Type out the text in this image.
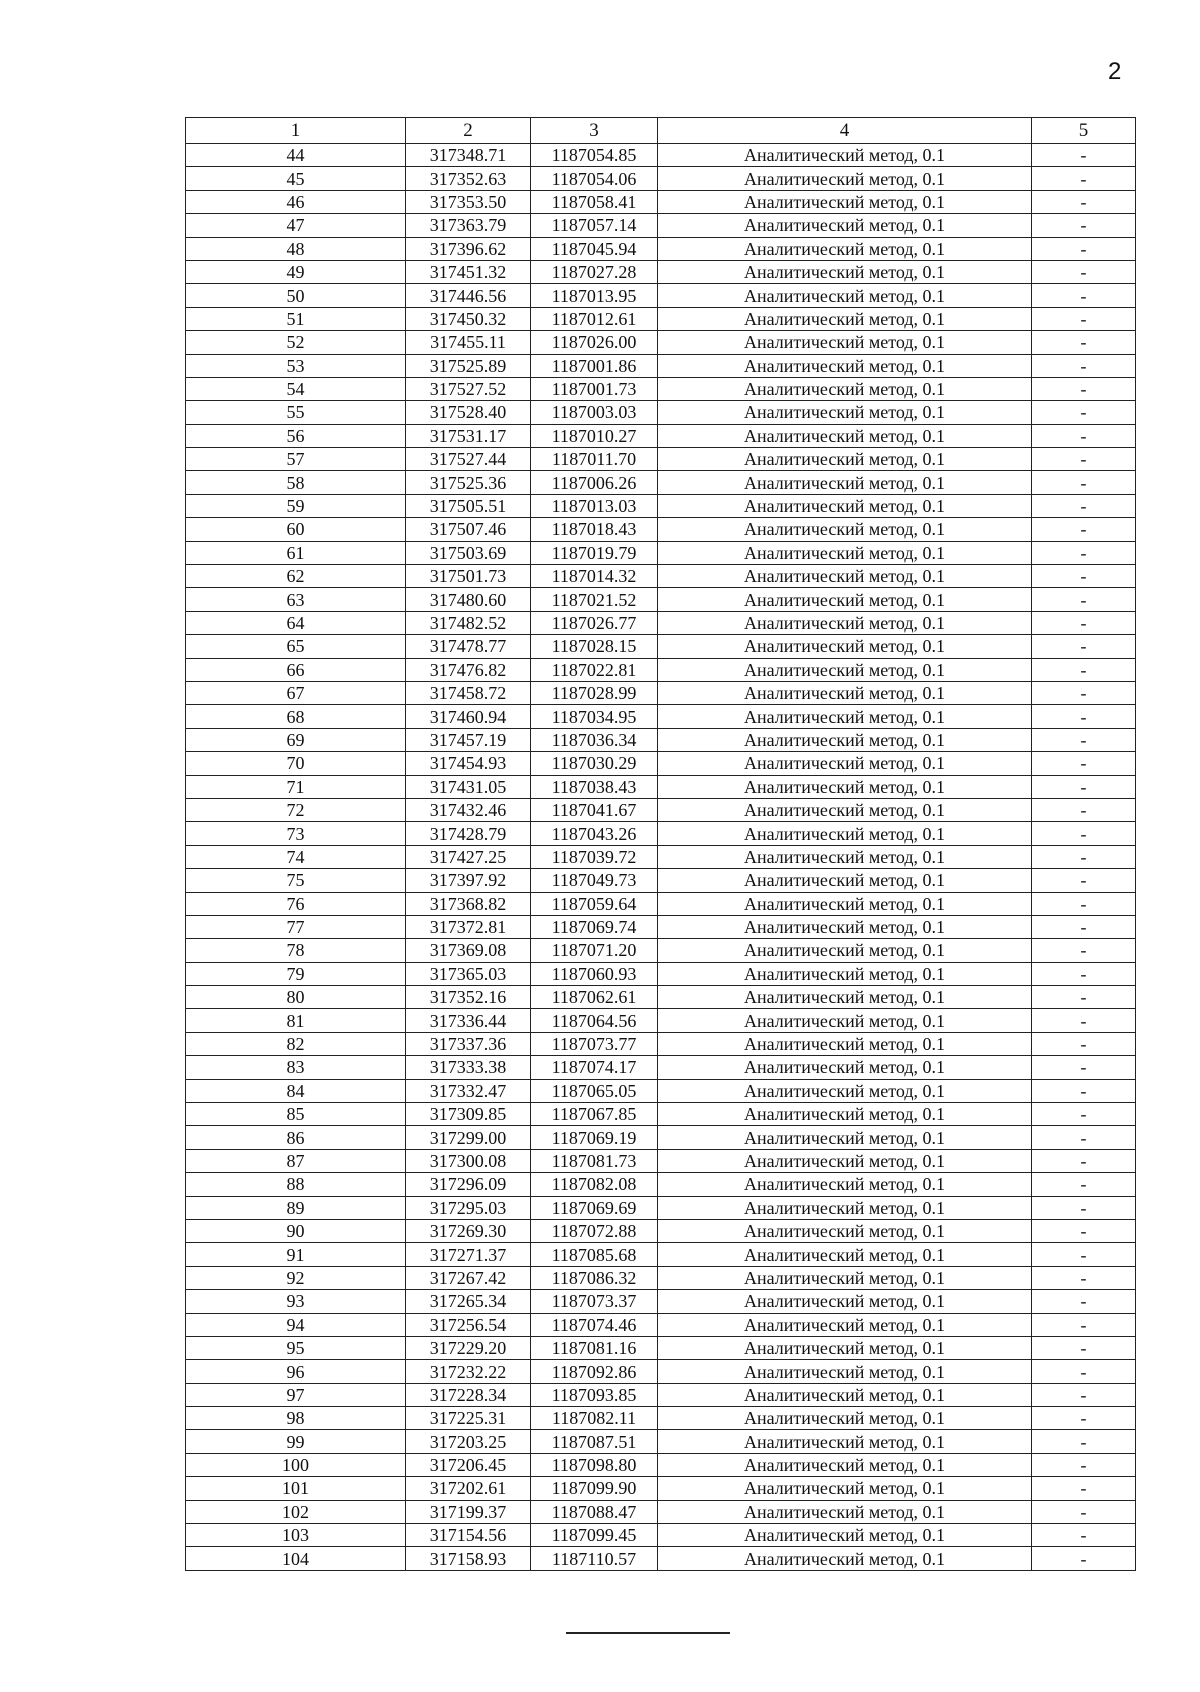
2
1	2	3	4	5
44	317348.71	1187054.85	Аналитический метод, 0.1	-
45	317352.63	1187054.06	Аналитический метод, 0.1	-
46	317353.50	1187058.41	Аналитический метод, 0.1	-
47	317363.79	1187057.14	Аналитический метод, 0.1	-
48	317396.62	1187045.94	Аналитический метод, 0.1	-
49	317451.32	1187027.28	Аналитический метод, 0.1	-
50	317446.56	1187013.95	Аналитический метод, 0.1	-
51	317450.32	1187012.61	Аналитический метод, 0.1	-
52	317455.11	1187026.00	Аналитический метод, 0.1	-
53	317525.89	1187001.86	Аналитический метод, 0.1	-
54	317527.52	1187001.73	Аналитический метод, 0.1	-
55	317528.40	1187003.03	Аналитический метод, 0.1	-
56	317531.17	1187010.27	Аналитический метод, 0.1	-
57	317527.44	1187011.70	Аналитический метод, 0.1	-
58	317525.36	1187006.26	Аналитический метод, 0.1	-
59	317505.51	1187013.03	Аналитический метод, 0.1	-
60	317507.46	1187018.43	Аналитический метод, 0.1	-
61	317503.69	1187019.79	Аналитический метод, 0.1	-
62	317501.73	1187014.32	Аналитический метод, 0.1	-
63	317480.60	1187021.52	Аналитический метод, 0.1	-
64	317482.52	1187026.77	Аналитический метод, 0.1	-
65	317478.77	1187028.15	Аналитический метод, 0.1	-
66	317476.82	1187022.81	Аналитический метод, 0.1	-
67	317458.72	1187028.99	Аналитический метод, 0.1	-
68	317460.94	1187034.95	Аналитический метод, 0.1	-
69	317457.19	1187036.34	Аналитический метод, 0.1	-
70	317454.93	1187030.29	Аналитический метод, 0.1	-
71	317431.05	1187038.43	Аналитический метод, 0.1	-
72	317432.46	1187041.67	Аналитический метод, 0.1	-
73	317428.79	1187043.26	Аналитический метод, 0.1	-
74	317427.25	1187039.72	Аналитический метод, 0.1	-
75	317397.92	1187049.73	Аналитический метод, 0.1	-
76	317368.82	1187059.64	Аналитический метод, 0.1	-
77	317372.81	1187069.74	Аналитический метод, 0.1	-
78	317369.08	1187071.20	Аналитический метод, 0.1	-
79	317365.03	1187060.93	Аналитический метод, 0.1	-
80	317352.16	1187062.61	Аналитический метод, 0.1	-
81	317336.44	1187064.56	Аналитический метод, 0.1	-
82	317337.36	1187073.77	Аналитический метод, 0.1	-
83	317333.38	1187074.17	Аналитический метод, 0.1	-
84	317332.47	1187065.05	Аналитический метод, 0.1	-
85	317309.85	1187067.85	Аналитический метод, 0.1	-
86	317299.00	1187069.19	Аналитический метод, 0.1	-
87	317300.08	1187081.73	Аналитический метод, 0.1	-
88	317296.09	1187082.08	Аналитический метод, 0.1	-
89	317295.03	1187069.69	Аналитический метод, 0.1	-
90	317269.30	1187072.88	Аналитический метод, 0.1	-
91	317271.37	1187085.68	Аналитический метод, 0.1	-
92	317267.42	1187086.32	Аналитический метод, 0.1	-
93	317265.34	1187073.37	Аналитический метод, 0.1	-
94	317256.54	1187074.46	Аналитический метод, 0.1	-
95	317229.20	1187081.16	Аналитический метод, 0.1	-
96	317232.22	1187092.86	Аналитический метод, 0.1	-
97	317228.34	1187093.85	Аналитический метод, 0.1	-
98	317225.31	1187082.11	Аналитический метод, 0.1	-
99	317203.25	1187087.51	Аналитический метод, 0.1	-
100	317206.45	1187098.80	Аналитический метод, 0.1	-
101	317202.61	1187099.90	Аналитический метод, 0.1	-
102	317199.37	1187088.47	Аналитический метод, 0.1	-
103	317154.56	1187099.45	Аналитический метод, 0.1	-
104	317158.93	1187110.57	Аналитический метод, 0.1	-
